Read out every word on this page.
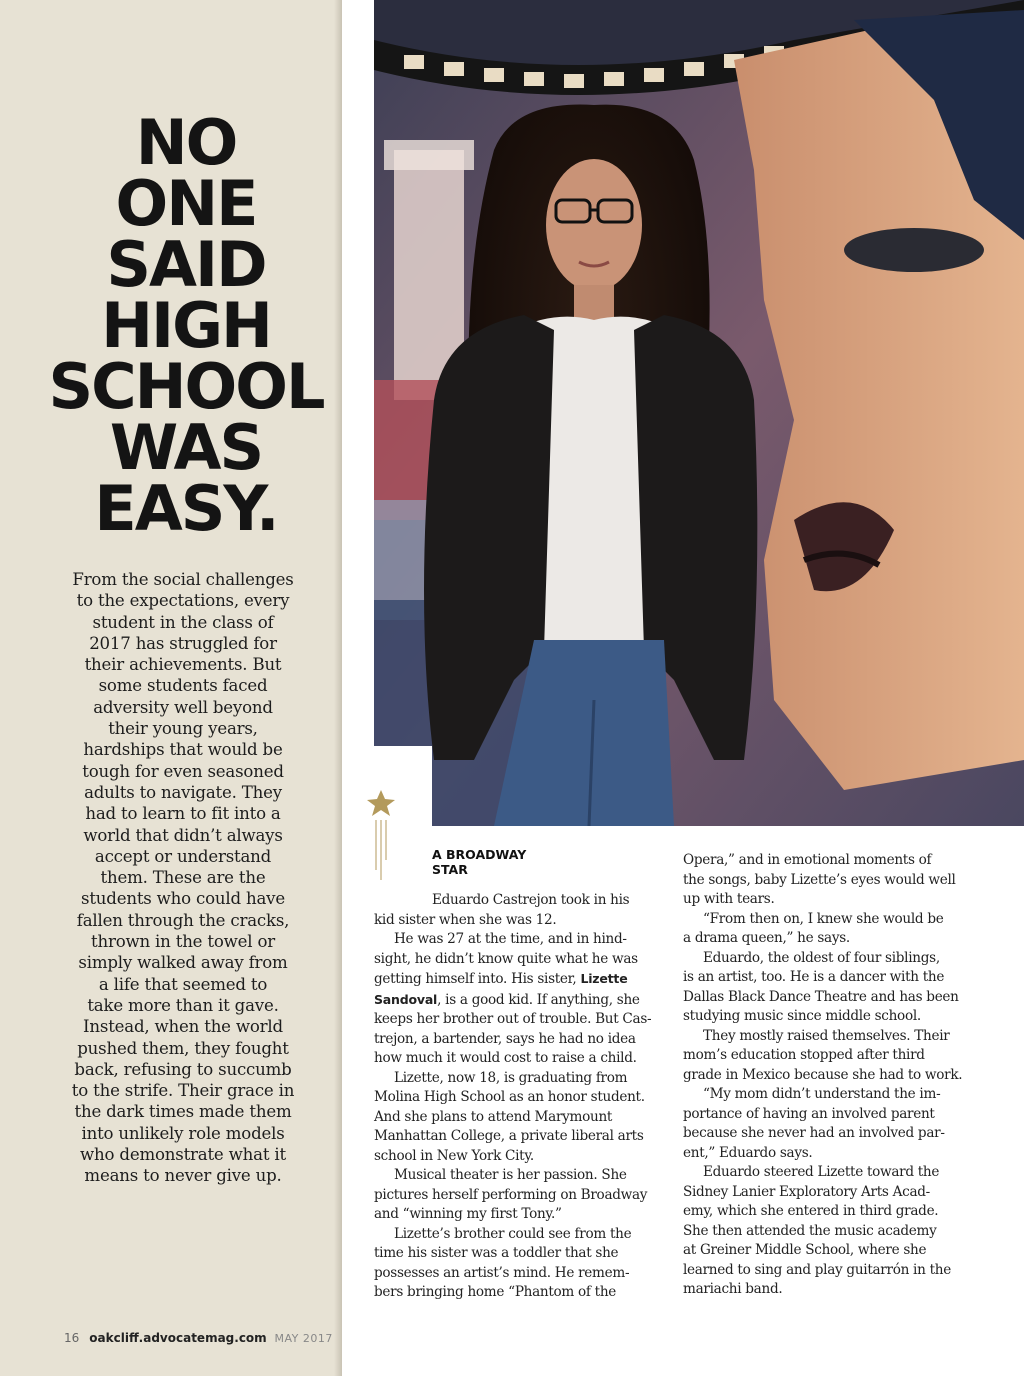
NO
ONE
SAID
HIGH
SCHOOL
WAS
EASY.

From the social challenges
to the expectations, every
student in the class of
2017 has struggled for
their achievements. But
some students faced
adversity well beyond
their young years,
hardships that would be
tough for even seasoned
adults to navigate. They
had to learn to fit into a
world that didn’t always
accept or understand
them. These are the
students who could have
fallen through the cracks,
thrown in the towel or
simply walked away from
a life that seemed to
take more than it gave.
Instead, when the world
pushed them, they fought
back, refusing to succumb
to the strife. Their grace in
the dark times made them
into unlikely role models
who demonstrate what it
means to never give up.

16 oakcliff.advocatemag.com MAY 2017
A BROADWAY
STAR
Eduardo Castrejon took in his
kid sister when she was 12.
He was 27 at the time, and in hind-
sight, he didn’t know quite what he was
getting himself into. His sister, Lizette
Sandoval, is a good kid. If anything, she
keeps her brother out of trouble. But Cas-
trejon, a bartender, says he had no idea
how much it would cost to raise a child.
Lizette, now 18, is graduating from
Molina High School as an honor student.
And she plans to attend Marymount
Manhattan College, a private liberal arts
school in New York City.
Musical theater is her passion. She
pictures herself performing on Broadway
and “winning my first Tony.”
Lizette’s brother could see from the
time his sister was a toddler that she
possesses an artist’s mind. He remem-
bers bringing home “Phantom of the
Opera,” and in emotional moments of
the songs, baby Lizette’s eyes would well
up with tears.
“From then on, I knew she would be
a drama queen,” he says.
Eduardo, the oldest of four siblings,
is an artist, too. He is a dancer with the
Dallas Black Dance Theatre and has been
studying music since middle school.
They mostly raised themselves. Their
mom’s education stopped after third
grade in Mexico because she had to work.
“My mom didn’t understand the im-
portance of having an involved parent
because she never had an involved par-
ent,” Eduardo says.
Eduardo steered Lizette toward the
Sidney Lanier Exploratory Arts Acad-
emy, which she entered in third grade.
She then attended the music academy
at Greiner Middle School, where she
learned to sing and play guitarrón in the
mariachi band.
